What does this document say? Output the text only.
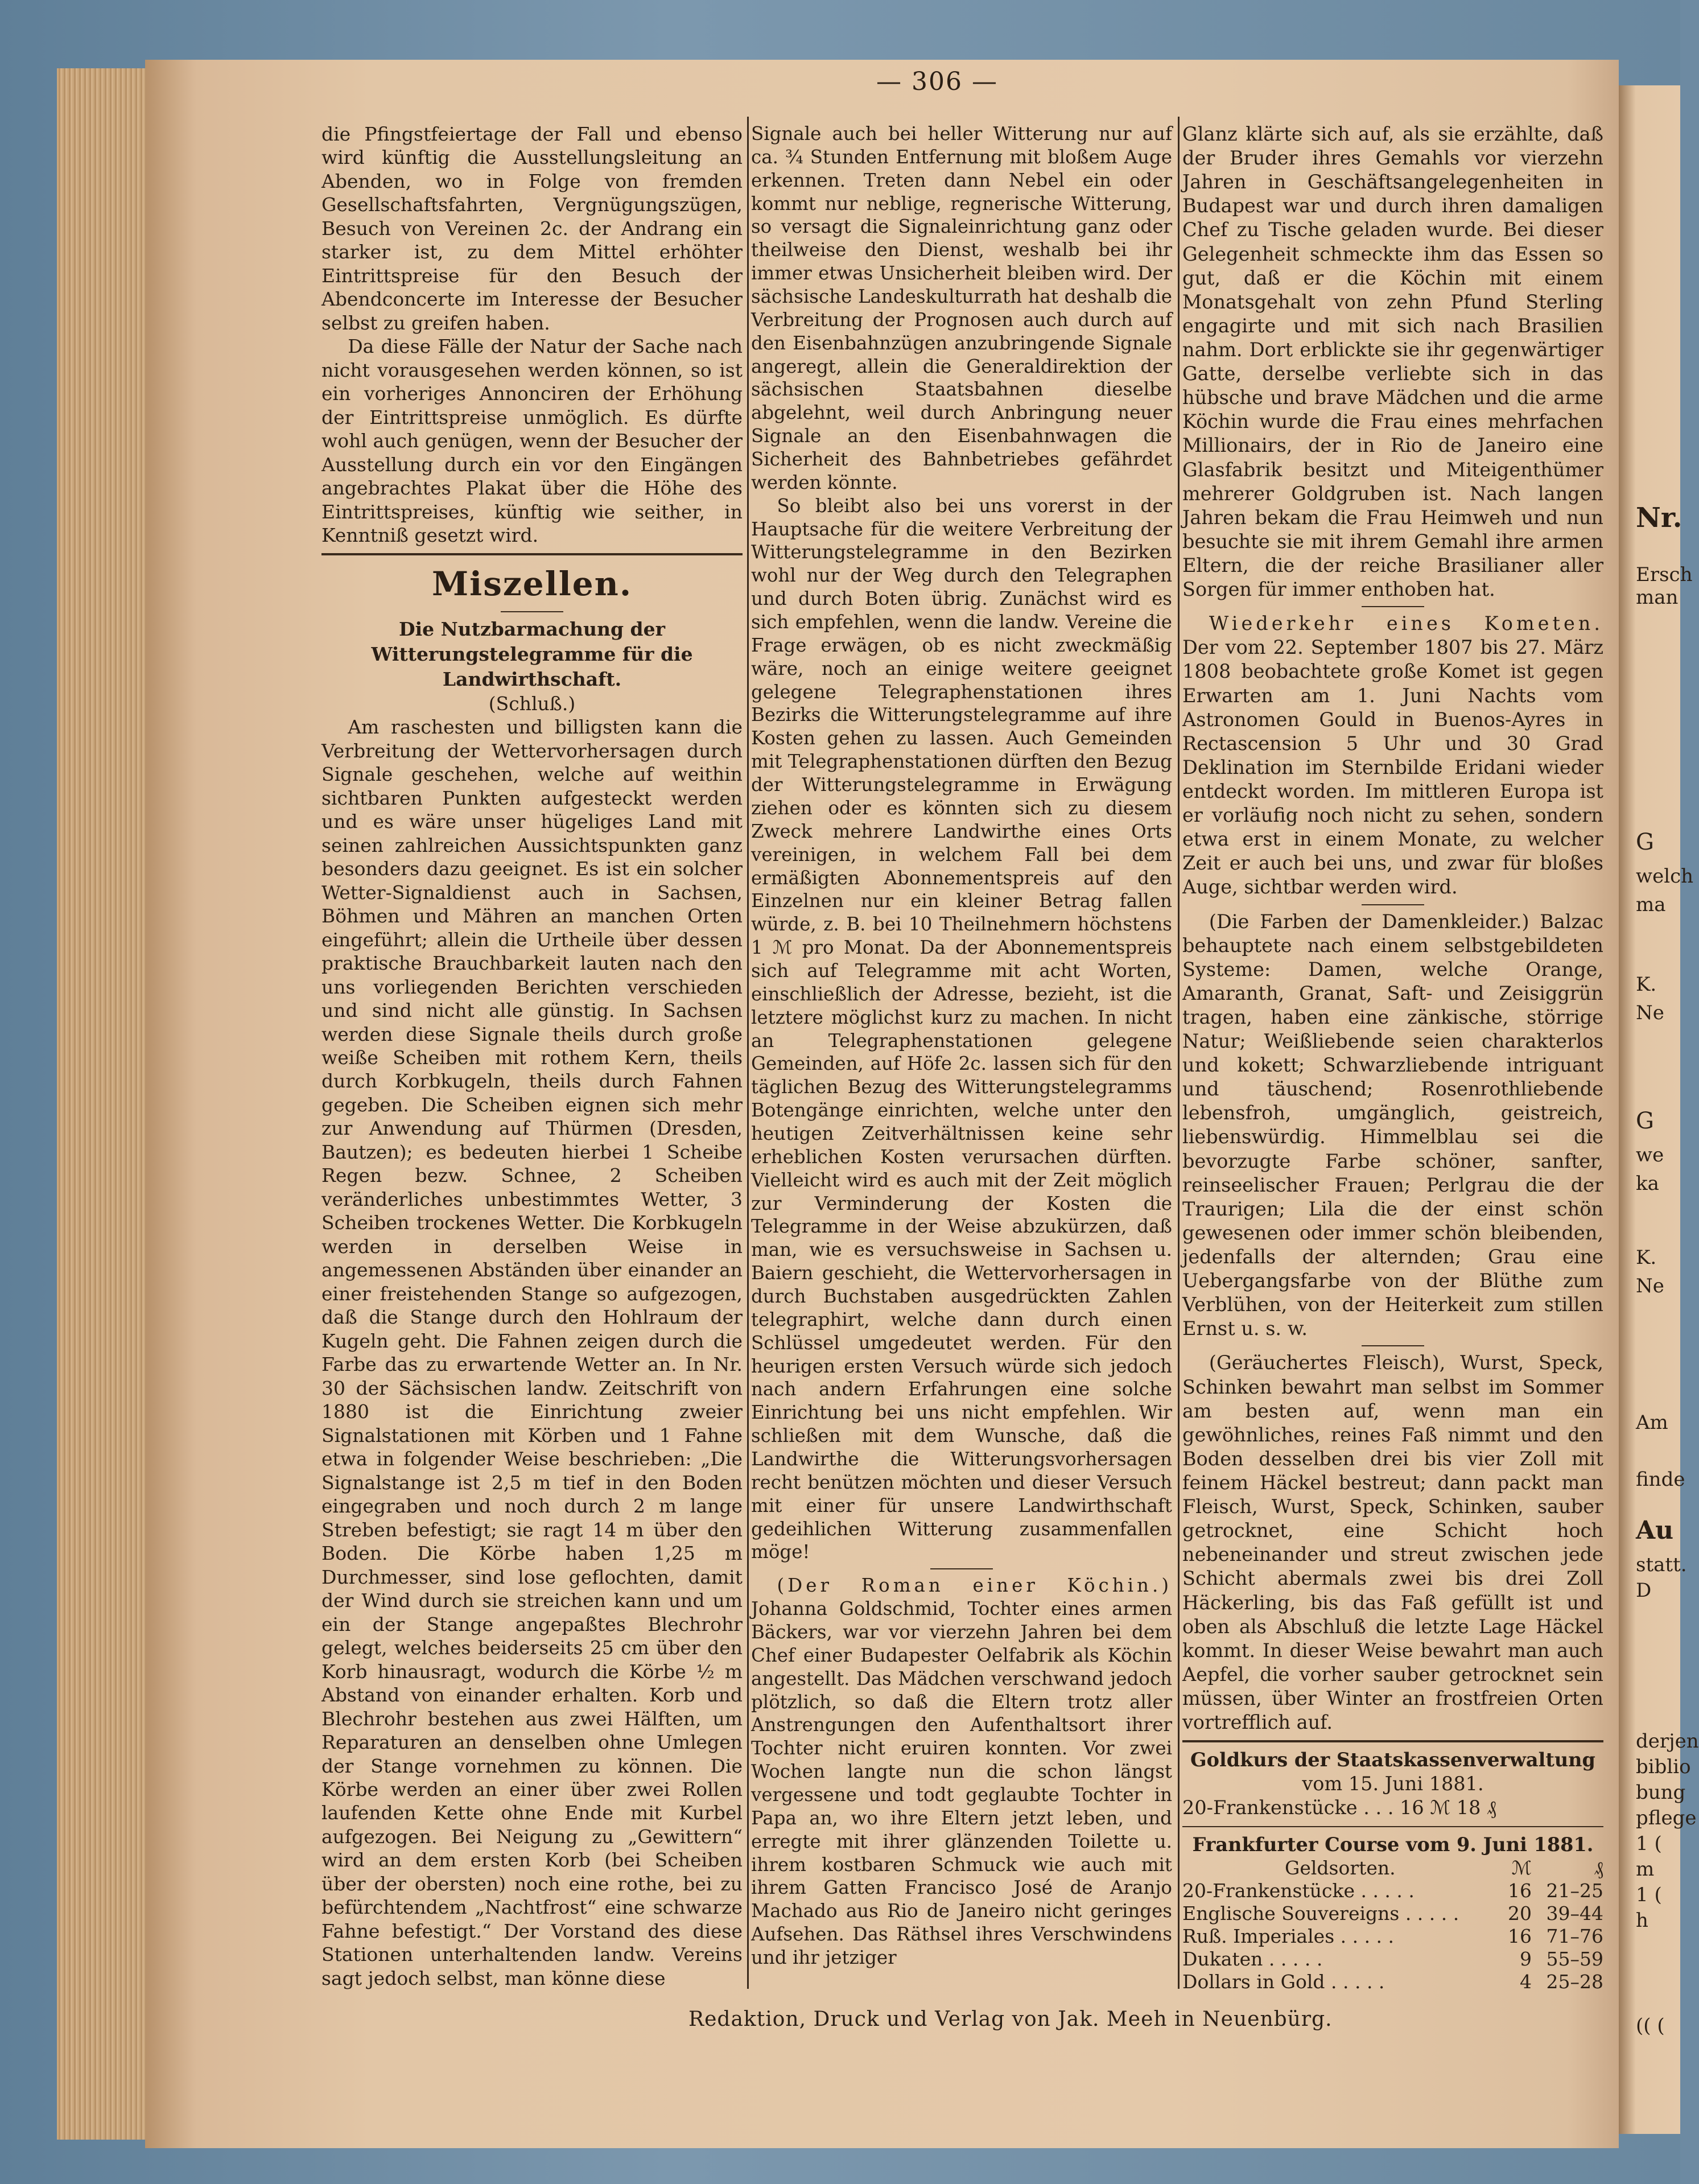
— 306 —

die Pfingstfeiertage der Fall und ebenso wird künftig die Ausstellungsleitung an Abenden, wo in Folge von fremden Gesellschaftsfahrten, Vergnügungszügen, Besuch von Vereinen 2c. der Andrang ein starker ist, zu dem Mittel erhöhter Eintrittspreise für den Besuch der Abendconcerte im Interesse der Besucher selbst zu greifen haben.

Da diese Fälle der Natur der Sache nach nicht vorausgesehen werden können, so ist ein vorheriges Annonciren der Erhöhung der Eintrittspreise unmöglich. Es dürfte wohl auch genügen, wenn der Besucher der Ausstellung durch ein vor den Eingängen angebrachtes Plakat über die Höhe des Eintrittspreises, künftig wie seither, in Kenntniß gesetzt wird.

Miszellen.
Die Nutzbarmachung der Witterungstelegramme für die Landwirthschaft.
(Schluß.)

Am raschesten und billigsten kann die Verbreitung der Wettervorhersagen durch Signale geschehen, welche auf weithin sichtbaren Punkten aufgesteckt werden und es wäre unser hügeliges Land mit seinen zahlreichen Aussichtspunkten ganz besonders dazu geeignet. Es ist ein solcher Wetter-Signaldienst auch in Sachsen, Böhmen und Mähren an manchen Orten eingeführt; allein die Urtheile über dessen praktische Brauchbarkeit lauten nach den uns vorliegenden Berichten verschieden und sind nicht alle günstig. In Sachsen werden diese Signale theils durch große weiße Scheiben mit rothem Kern, theils durch Korbkugeln, theils durch Fahnen gegeben. Die Scheiben eignen sich mehr zur Anwendung auf Thürmen (Dresden, Bautzen); es bedeuten hierbei 1 Scheibe Regen bezw. Schnee, 2 Scheiben veränderliches unbestimmtes Wetter, 3 Scheiben trockenes Wetter. Die Korbkugeln werden in derselben Weise in angemessenen Abständen über einander an einer freistehenden Stange so aufgezogen, daß die Stange durch den Hohlraum der Kugeln geht. Die Fahnen zeigen durch die Farbe das zu erwartende Wetter an. In Nr. 30 der Sächsischen landw. Zeitschrift von 1880 ist die Einrichtung zweier Signalstationen mit Körben und 1 Fahne etwa in folgender Weise beschrieben: „Die Signalstange ist 2,5 m tief in den Boden eingegraben und noch durch 2 m lange Streben befestigt; sie ragt 14 m über den Boden. Die Körbe haben 1,25 m Durchmesser, sind lose geflochten, damit der Wind durch sie streichen kann und um ein der Stange angepaßtes Blechrohr gelegt, welches beiderseits 25 cm über den Korb hinausragt, wodurch die Körbe ½ m Abstand von einander erhalten. Korb und Blechrohr bestehen aus zwei Hälften, um Reparaturen an denselben ohne Umlegen der Stange vornehmen zu können. Die Körbe werden an einer über zwei Rollen laufenden Kette ohne Ende mit Kurbel aufgezogen. Bei Neigung zu „Gewittern“ wird an dem ersten Korb (bei Scheiben über der obersten) noch eine rothe, bei zu befürchtendem „Nachtfrost“ eine schwarze Fahne befestigt.“ Der Vorstand des diese Stationen unterhaltenden landw. Vereins sagt jedoch selbst, man könne diese

Signale auch bei heller Witterung nur auf ca. ¾ Stunden Entfernung mit bloßem Auge erkennen. Treten dann Nebel ein oder kommt nur neblige, regnerische Witterung, so versagt die Signaleinrichtung ganz oder theilweise den Dienst, weshalb bei ihr immer etwas Unsicherheit bleiben wird. Der sächsische Landeskulturrath hat deshalb die Verbreitung der Prognosen auch durch auf den Eisenbahnzügen anzubringende Signale angeregt, allein die Generaldirektion der sächsischen Staatsbahnen dieselbe abgelehnt, weil durch Anbringung neuer Signale an den Eisenbahnwagen die Sicherheit des Bahnbetriebes gefährdet werden könnte.

So bleibt also bei uns vorerst in der Hauptsache für die weitere Verbreitung der Witterungstelegramme in den Bezirken wohl nur der Weg durch den Telegraphen und durch Boten übrig. Zunächst wird es sich empfehlen, wenn die landw. Vereine die Frage erwägen, ob es nicht zweckmäßig wäre, noch an einige weitere geeignet gelegene Telegraphenstationen ihres Bezirks die Witterungstelegramme auf ihre Kosten gehen zu lassen. Auch Gemeinden mit Telegraphenstationen dürften den Bezug der Witterungstelegramme in Erwägung ziehen oder es könnten sich zu diesem Zweck mehrere Landwirthe eines Orts vereinigen, in welchem Fall bei dem ermäßigten Abonnementspreis auf den Einzelnen nur ein kleiner Betrag fallen würde, z. B. bei 10 Theilnehmern höchstens 1 ℳ pro Monat. Da der Abonnementspreis sich auf Telegramme mit acht Worten, einschließlich der Adresse, bezieht, ist die letztere möglichst kurz zu machen. In nicht an Telegraphenstationen gelegene Gemeinden, auf Höfe 2c. lassen sich für den täglichen Bezug des Witterungstelegramms Botengänge einrichten, welche unter den heutigen Zeitverhältnissen keine sehr erheblichen Kosten verursachen dürften. Vielleicht wird es auch mit der Zeit möglich zur Verminderung der Kosten die Telegramme in der Weise abzukürzen, daß man, wie es versuchsweise in Sachsen u. Baiern geschieht, die Wettervorhersagen in durch Buchstaben ausgedrückten Zahlen telegraphirt, welche dann durch einen Schlüssel umgedeutet werden. Für den heurigen ersten Versuch würde sich jedoch nach andern Erfahrungen eine solche Einrichtung bei uns nicht empfehlen. Wir schließen mit dem Wunsche, daß die Landwirthe die Witterungsvorhersagen recht benützen möchten und dieser Versuch mit einer für unsere Landwirthschaft gedeihlichen Witterung zusammenfallen möge!

(Der Roman einer Köchin.) Johanna Goldschmid, Tochter eines armen Bäckers, war vor vierzehn Jahren bei dem Chef einer Budapester Oelfabrik als Köchin angestellt. Das Mädchen verschwand jedoch plötzlich, so daß die Eltern trotz aller Anstrengungen den Aufenthaltsort ihrer Tochter nicht eruiren konnten. Vor zwei Wochen langte nun die schon längst vergessene und todt geglaubte Tochter in Papa an, wo ihre Eltern jetzt leben, und erregte mit ihrer glänzenden Toilette u. ihrem kostbaren Schmuck wie auch mit ihrem Gatten Francisco José de Aranjo Machado aus Rio de Janeiro nicht geringes Aufsehen. Das Räthsel ihres Verschwindens und ihr jetziger

Glanz klärte sich auf, als sie erzählte, daß der Bruder ihres Gemahls vor vierzehn Jahren in Geschäftsangelegenheiten in Budapest war und durch ihren damaligen Chef zu Tische geladen wurde. Bei dieser Gelegenheit schmeckte ihm das Essen so gut, daß er die Köchin mit einem Monatsgehalt von zehn Pfund Sterling engagirte und mit sich nach Brasilien nahm. Dort erblickte sie ihr gegenwärtiger Gatte, derselbe verliebte sich in das hübsche und brave Mädchen und die arme Köchin wurde die Frau eines mehrfachen Millionairs, der in Rio de Janeiro eine Glasfabrik besitzt und Miteigenthümer mehrerer Goldgruben ist. Nach langen Jahren bekam die Frau Heimweh und nun besuchte sie mit ihrem Gemahl ihre armen Eltern, die der reiche Brasilianer aller Sorgen für immer enthoben hat.

Wiederkehr eines Kometen. Der vom 22. September 1807 bis 27. März 1808 beobachtete große Komet ist gegen Erwarten am 1. Juni Nachts vom Astronomen Gould in Buenos-Ayres in Rectascension 5 Uhr und 30 Grad Deklination im Sternbilde Eridani wieder entdeckt worden. Im mittleren Europa ist er vorläufig noch nicht zu sehen, sondern etwa erst in einem Monate, zu welcher Zeit er auch bei uns, und zwar für bloßes Auge, sichtbar werden wird.

(Die Farben der Damenkleider.) Balzac behauptete nach einem selbstgebildeten Systeme: Damen, welche Orange, Amaranth, Granat, Saft- und Zeisiggrün tragen, haben eine zänkische, störrige Natur; Weißliebende seien charakterlos und kokett; Schwarzliebende intriguant und täuschend; Rosenrothliebende lebensfroh, umgänglich, geistreich, liebenswürdig. Himmelblau sei die bevorzugte Farbe schöner, sanfter, reinseelischer Frauen; Perlgrau die der Traurigen; Lila die der einst schön gewesenen oder immer schön bleibenden, jedenfalls der alternden; Grau eine Uebergangsfarbe von der Blüthe zum Verblühen, von der Heiterkeit zum stillen Ernst u. s. w.

(Geräuchertes Fleisch), Wurst, Speck, Schinken bewahrt man selbst im Sommer am besten auf, wenn man ein gewöhnliches, reines Faß nimmt und den Boden desselben drei bis vier Zoll mit feinem Häckel bestreut; dann packt man Fleisch, Wurst, Speck, Schinken, sauber getrocknet, eine Schicht hoch nebeneinander und streut zwischen jede Schicht abermals zwei bis drei Zoll Häckerling, bis das Faß gefüllt ist und oben als Abschluß die letzte Lage Häckel kommt. In dieser Weise bewahrt man auch Aepfel, die vorher sauber getrocknet sein müssen, über Winter an frostfreien Orten vortrefflich auf.

Goldkurs der Staatskassenverwaltung
vom 15. Juni 1881.
20-Frankenstücke . . . 16 ℳ 18 ₰
Frankfurter Course vom 9. Juni 1881.
Geldsorten.	ℳ	₰
20-Frankenstücke . . . . .	16	21–25
Englische Souvereigns . . . . .	20	39–44
Ruß. Imperiales . . . . .	16	71–76
Dukaten . . . . .	9	55–59
Dollars in Gold . . . . .	4	25–28
Redaktion, Druck und Verlag von Jak. Meeh in Neuenbürg.
Nr.
Ersch
man
G
welch
ma
K.
Ne
G
we
ka
K.
Ne
Am
finde
Au
statt.
D
derjen
biblio
bung
pflege
1 (
m
1 (
h
(( (
